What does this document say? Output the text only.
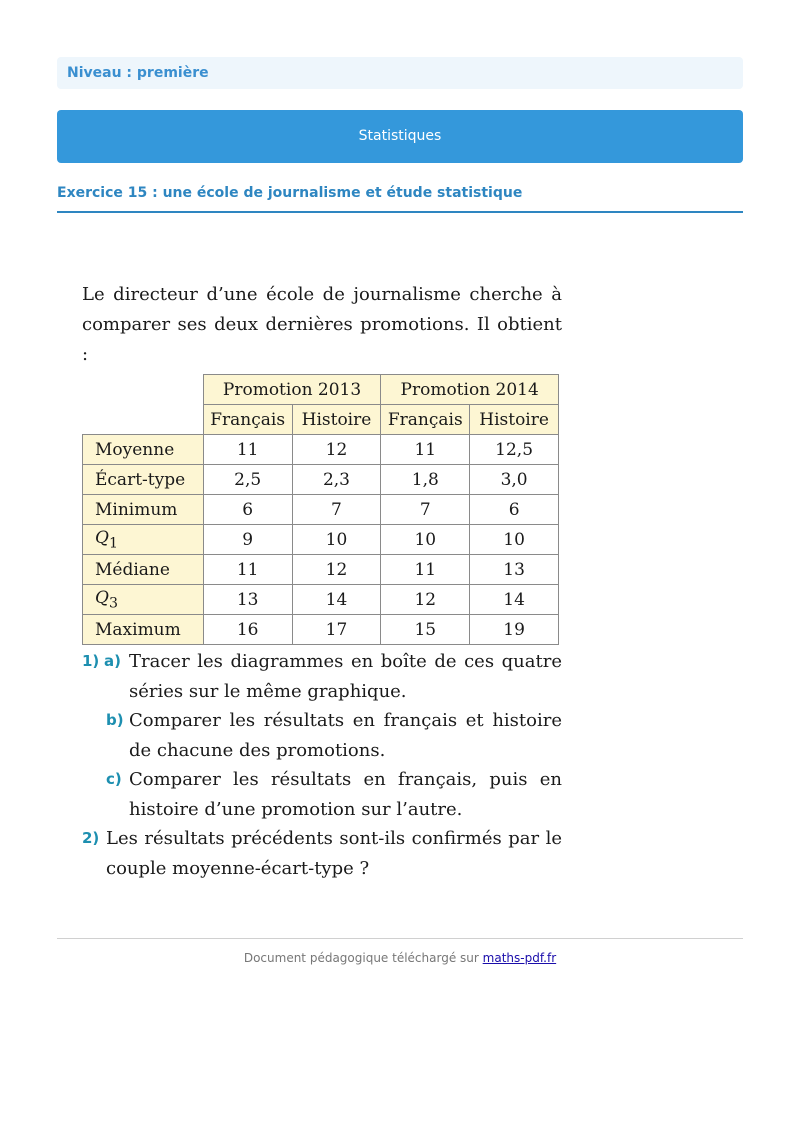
Niveau : première
Statistiques
Exercice 15 : une école de journalisme et étude statistique

Le directeur d’une école de journalisme cherche à comparer ses deux dernières promotions. Il obtient :

	Promotion 2013		Promotion 2014	
	Français	Histoire	Français	Histoire
Moyenne	11	12	11	12,5
Écart-type	2,5	2,3	1,8	3,0
Minimum	6	7	7	6
$Q_1$	9	10	10	10
Médiane	11	12	11	13
$Q_3$	13	14	12	14
Maximum	16	17	15	19

1) a) Tracer les diagrammes en boîte de ces quatre séries sur le même graphique.

b) Comparer les résultats en français et histoire de chacune des promotions.

c) Comparer les résultats en français, puis en histoire d’une promotion sur l’autre.

2) Les résultats précédents sont-ils confirmés par le couple moyenne-écart-type ?

Document pédagogique téléchargé sur maths-pdf.fr
